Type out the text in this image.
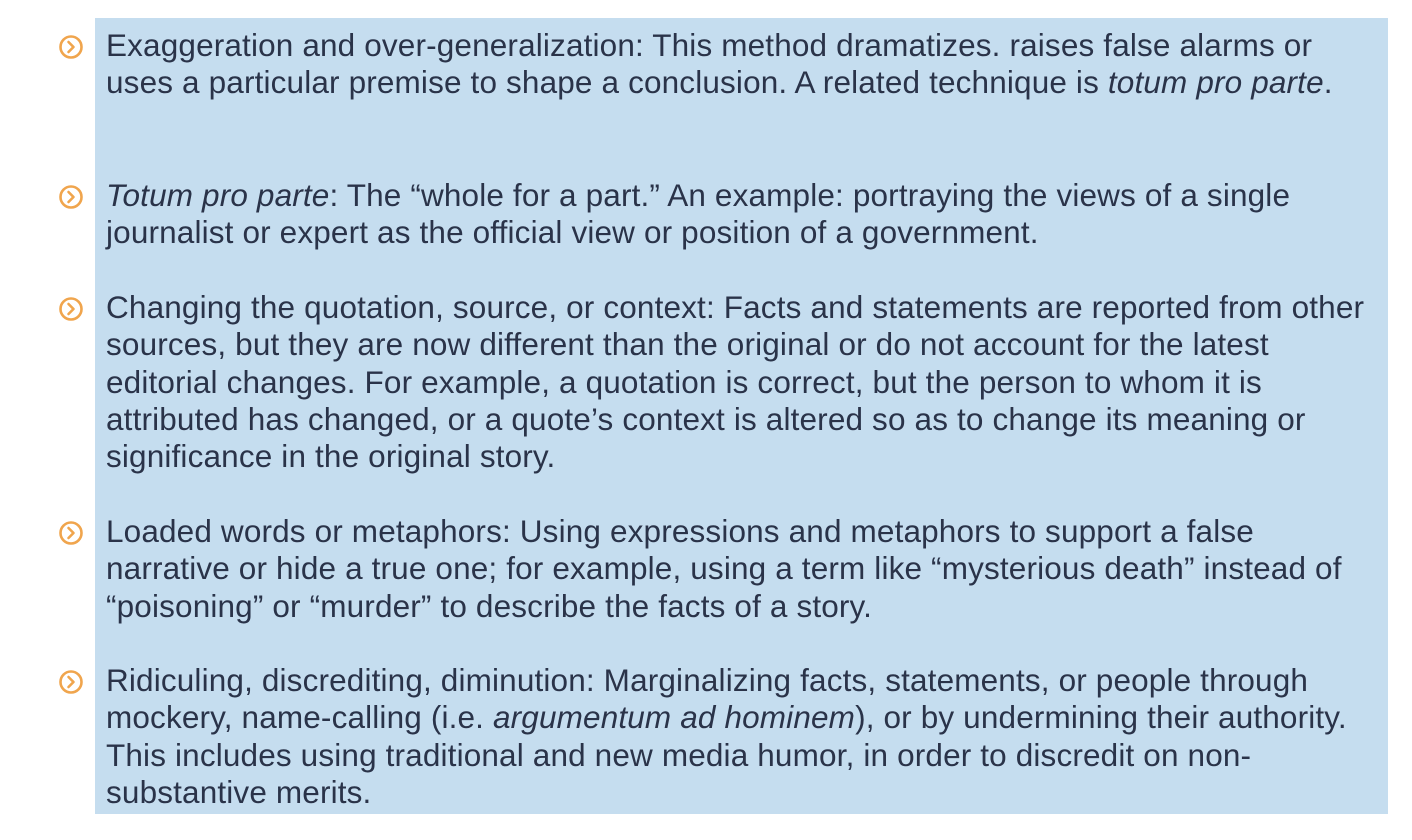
Exaggeration and over-generalization: This method dramatizes. raises false alarms or uses a particular premise to shape a conclusion. A related technique is totum pro parte.

Totum pro parte: The “whole for a part.” An example: portraying the views of a single journalist or expert as the official view or position of a government.

Changing the quotation, source, or context: Facts and statements are reported from other sources, but they are now different than the original or do not account for the latest editorial changes. For example, a quotation is correct, but the person to whom it is attributed has changed, or a quote’s context is altered so as to change its meaning or significance in the original story.

Loaded words or metaphors: Using expressions and metaphors to support a false narrative or hide a true one; for example, using a term like “mysterious death” instead of “poisoning” or “murder” to describe the facts of a story.

Ridiculing, discrediting, diminution: Marginalizing facts, statements, or people through mockery, name-calling (i.e. argumentum ad hominem), or by undermining their authority. This includes using traditional and new media humor, in order to discredit on non-substantive merits.
